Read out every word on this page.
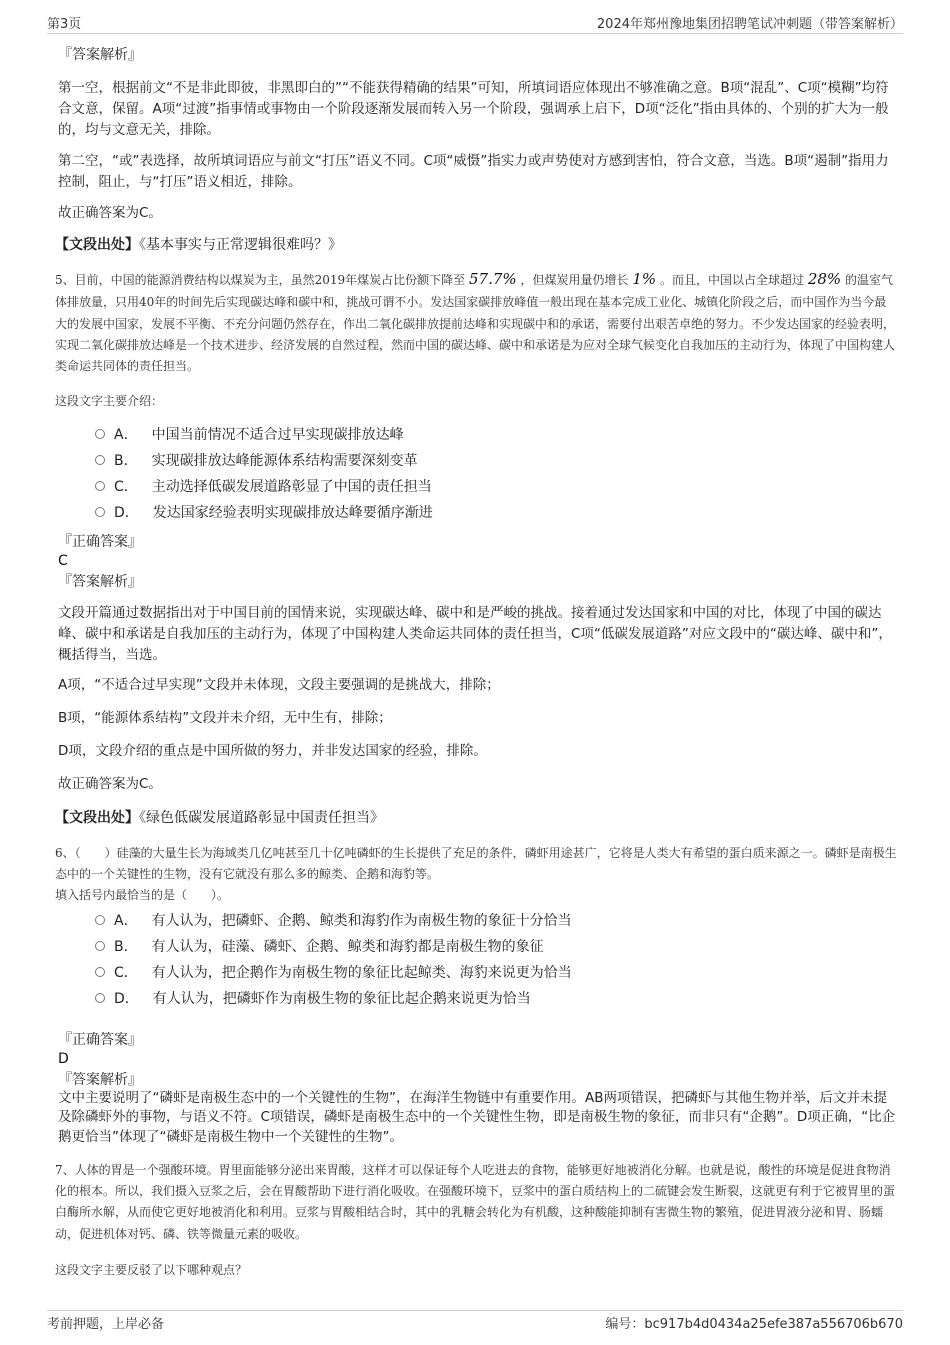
第3页	2024年郑州豫地集团招聘笔试冲刺题（带答案解析）
『答案解析』

第一空，根据前文“不是非此即彼，非黑即白的”“不能获得精确的结果”可知，所填词语应体现出不够准确之意。B项“混乱”、C项“模糊”均符合文意，保留。A项“过渡”指事情或事物由一个阶段逐渐发展而转入另一个阶段，强调承上启下，D项“泛化”指由具体的、个别的扩大为一般的，均与文意无关，排除。

第二空，“或”表选择，故所填词语应与前文“打压”语义不同。C项“威慑”指实力或声势使对方感到害怕，符合文意，当选。B项“遏制”指用力控制，阻止，与“打压”语义相近，排除。

故正确答案为C。

【文段出处】《基本事实与正常逻辑很难吗？》

5、目前，中国的能源消费结构以煤炭为主，虽然2019年煤炭占比份额下降至 57.7% ，但煤炭用量仍增长 1% 。而且，中国以占全球超过 28% 的温室气体排放量，只用40年的时间先后实现碳达峰和碳中和，挑战可谓不小。发达国家碳排放峰值一般出现在基本完成工业化、城镇化阶段之后，而中国作为当今最大的发展中国家，发展不平衡、不充分问题仍然存在，作出二氧化碳排放提前达峰和实现碳中和的承诺，需要付出艰苦卓绝的努力。不少发达国家的经验表明，实现二氧化碳排放达峰是一个技术进步、经济发展的自然过程，然而中国的碳达峰、碳中和承诺是为应对全球气候变化自我加压的主动行为，体现了中国构建人类命运共同体的责任担当。

这段文字主要介绍：
A． 中国当前情况不适合过早实现碳排放达峰
B． 实现碳排放达峰能源体系结构需要深刻变革
C． 主动选择低碳发展道路彰显了中国的责任担当
D． 发达国家经验表明实现碳排放达峰要循序渐进
『正确答案』
C
『答案解析』

文段开篇通过数据指出对于中国目前的国情来说，实现碳达峰、碳中和是严峻的挑战。接着通过发达国家和中国的对比，体现了中国的碳达峰、碳中和承诺是自我加压的主动行为，体现了中国构建人类命运共同体的责任担当，C项“低碳发展道路”对应文段中的“碳达峰、碳中和”，概括得当，当选。

A项，“不适合过早实现”文段并未体现，文段主要强调的是挑战大，排除；

B项，“能源体系结构”文段并未介绍，无中生有，排除；

D项，文段介绍的重点是中国所做的努力，并非发达国家的经验，排除。

故正确答案为C。

【文段出处】《绿色低碳发展道路彰显中国责任担当》

6、（　　）硅藻的大量生长为海域类几亿吨甚至几十亿吨磷虾的生长提供了充足的条件，磷虾用途甚广，它将是人类大有希望的蛋白质来源之一。磷虾是南极生态中的一个关键性的生物，没有它就没有那么多的鲸类、企鹅和海豹等。

填入括号内最恰当的是（　　）。
A． 有人认为，把磷虾、企鹅、鲸类和海豹作为南极生物的象征十分恰当
B． 有人认为，硅藻、磷虾、企鹅、鲸类和海豹都是南极生物的象征
C． 有人认为，把企鹅作为南极生物的象征比起鲸类、海豹来说更为恰当
D． 有人认为，把磷虾作为南极生物的象征比起企鹅来说更为恰当
『正确答案』
D
『答案解析』

文中主要说明了“磷虾是南极生态中的一个关键性的生物”，在海洋生物链中有重要作用。AB两项错误，把磷虾与其他生物并举，后文并未提及除磷虾外的事物，与语义不符。C项错误，磷虾是南极生态中的一个关键性生物，即是南极生物的象征，而非只有“企鹅”。D项正确，“比企鹅更恰当”体现了“磷虾是南极生物中一个关键性的生物”。

7、人体的胃是一个强酸环境。胃里面能够分泌出来胃酸，这样才可以保证每个人吃进去的食物，能够更好地被消化分解。也就是说，酸性的环境是促进食物消化的根本。所以，我们摄入豆浆之后，会在胃酸帮助下进行消化吸收。在强酸环境下，豆浆中的蛋白质结构上的二硫键会发生断裂，这就更有利于它被胃里的蛋白酶所水解，从而使它更好地被消化和利用。豆浆与胃酸相结合时，其中的乳糖会转化为有机酸，这种酸能抑制有害微生物的繁殖，促进胃液分泌和胃、肠蠕动，促进机体对钙、磷、铁等微量元素的吸收。

这段文字主要反驳了以下哪种观点？
考前押题，上岸必备	编号：bc917b4d0434a25efe387a556706b670
